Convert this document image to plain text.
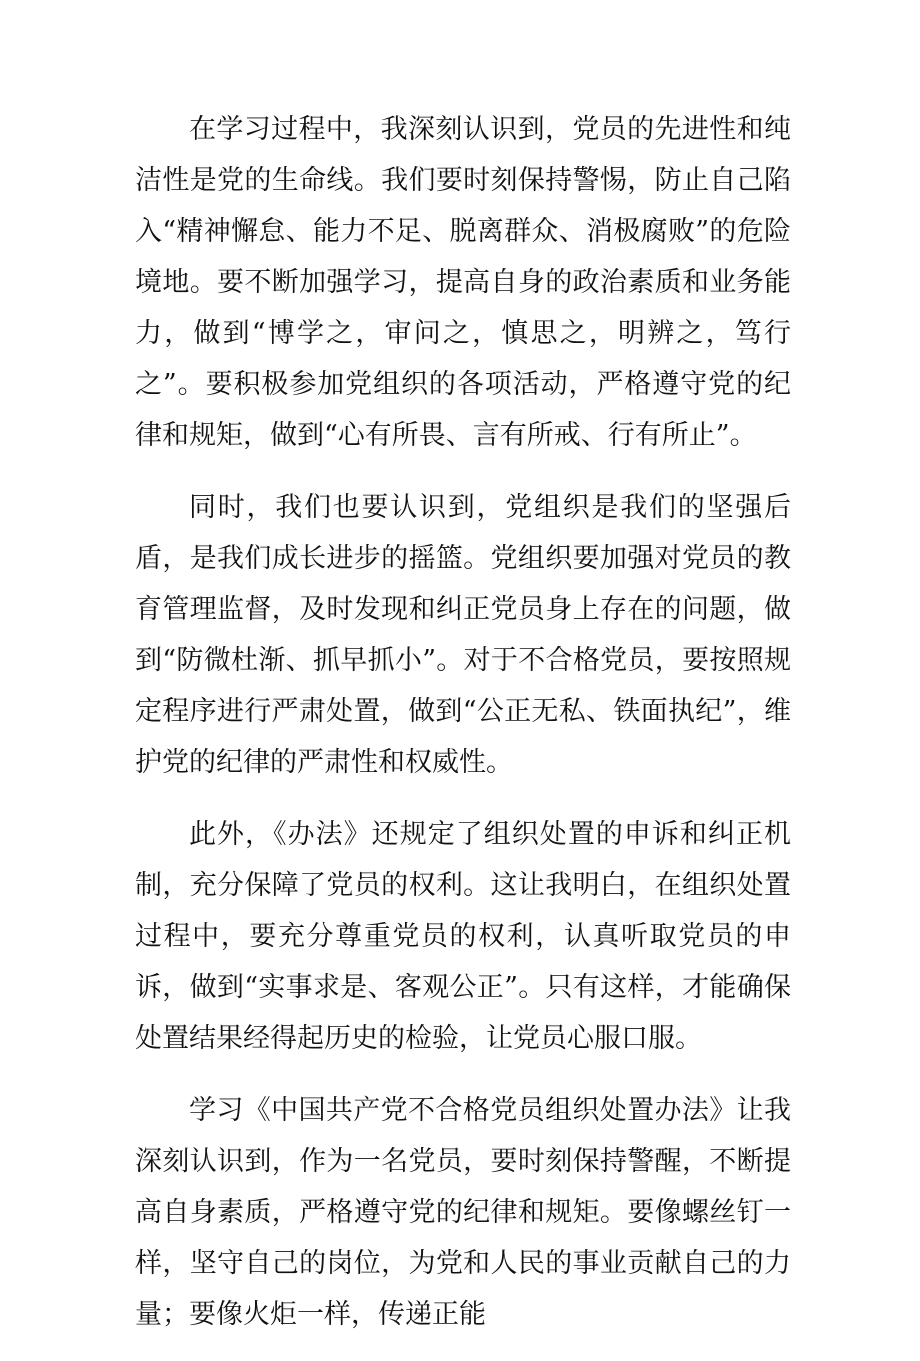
在学习过程中，我深刻认识到，党员的先进性和纯洁性是党的生命线。我们要时刻保持警惕，防止自己陷入“精神懈怠、能力不足、脱离群众、消极腐败”的危险境地。要不断加强学习，提高自身的政治素质和业务能力，做到“博学之，审问之，慎思之，明辨之，笃行之”。要积极参加党组织的各项活动，严格遵守党的纪律和规矩，做到“心有所畏、言有所戒、行有所止”。

同时，我们也要认识到，党组织是我们的坚强后盾，是我们成长进步的摇篮。党组织要加强对党员的教育管理监督，及时发现和纠正党员身上存在的问题，做到“防微杜渐、抓早抓小”。对于不合格党员，要按照规定程序进行严肃处置，做到“公正无私、铁面执纪”，维护党的纪律的严肃性和权威性。

此外，《办法》还规定了组织处置的申诉和纠正机制，充分保障了党员的权利。这让我明白，在组织处置过程中，要充分尊重党员的权利，认真听取党员的申诉，做到“实事求是、客观公正”。只有这样，才能确保处置结果经得起历史的检验，让党员心服口服。

学习《中国共产党不合格党员组织处置办法》让我深刻认识到，作为一名党员，要时刻保持警醒，不断提高自身素质，严格遵守党的纪律和规矩。要像螺丝钉一样，坚守自己的岗位，为党和人民的事业贡献自己的力量；要像火炬一样，传递正能
